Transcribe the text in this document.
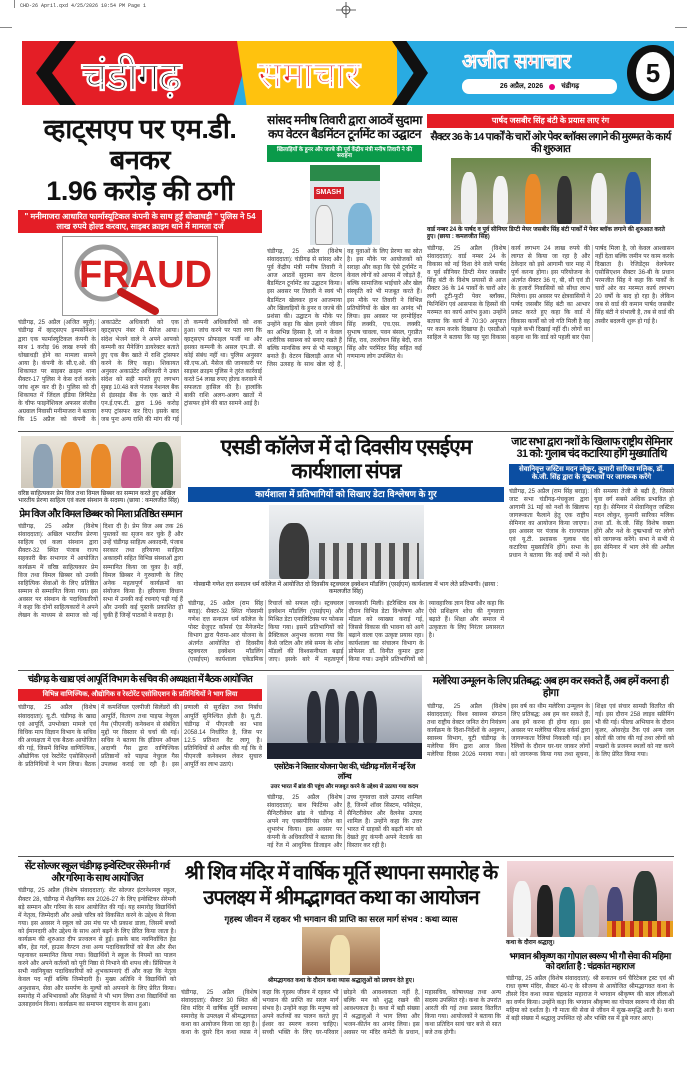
CHD-26 April.qxd 4/25/2026 10:54 PM Page 1
चंडीगढ़ समाचार	अजीत समाचार
26 अप्रैल, 2026	चंडीगढ़	5
व्हाट्सएप पर एम.डी. बनकर
1.96 करोड़ की ठगी
" मनीमाजरा आधारित फार्मास्यूटिकल कंपनी के साथ हुई धोखाधड़ी " पुलिस ने 54 लाख रुपये होल्ड करवाए, साइबर क्राइम थाने में मामला दर्ज
FRAUD
चंडीगढ़, 25 अप्रैल (अजित ब्यूरो): चंडीगढ़ में व्हाट्सएप इम्पर्सोनेशन द्वारा एक फार्मास्यूटिकल कंपनी के साथ 1 करोड़ 96 लाख रुपये की धोखाधड़ी होने का मामला सामने आया है। कंपनी के सी.ए.ओ. की शिकायत पर साइबर क्राइम थाना सैक्टर-17 पुलिस ने केस दर्ज करके जांच शुरू कर दी है। पुलिस को दी शिकायत में जिंदल इंडिया लिमिटेड के चीफ फाइनेंशियल अफसर संजीव अग्रवाल निवासी मनीमाजरा ने बताया कि 15 अप्रैल को कंपनी के अकाउंटेंट अधिकारी को एक व्हाट्सएप नंबर से मैसेज आया। संदेश भेजने वाले ने अपने आपको कम्पनी का मैनेजिंग डायरेक्टर बताते हुए एक बैंक खाते में राशि ट्रांसफर करने के लिए कहा। शिकायत अनुसार अकाउंटेंट अधिकारी ने उक्त संदेश को सही मानते हुए लगभग सुबह 10:48 बजे पंजाब नेशनल बैंक से इंडसइंड बैंक के एक खाते में एन.ई.एफ.टी. द्वारा 1.96 करोड़ रुपए ट्रांसफर कर दिए। इसके बाद जब पुनः अन्य राशि की मांग की गई तो कम्पनी अधिकारियों को शक हुआ। जांच करने पर पता लगा कि व्हाट्सएप प्रोफाइल फर्जी था और इसका कम्पनी के असल एम.डी. से कोई संबंध नहीं था। पुलिस अनुसार सी.एफ.ओ. मैसेज की जानकारी पर साइबर क्राइम पुलिस ने तुरंत कार्रवाई करते 54 लाख रुपए होल्ड करवाने में सफलता हासिल की है। हालांकि बाकी राशि अलग-अलग खातों में ट्रांसफर होने की बात सामने आई है।
सांसद मनीष तिवारी द्वारा आठवें सुदामा कप वेटरन बैडमिंटन टूर्नामेंट का उद्घाटन
खिलाड़ियों के हुनर और जज्बे की पूर्व केंद्रीय मंत्री मनीष तिवारी ने की सराहना
SMASH
चंडीगढ़, 25 अप्रैल (विशेष संवाददाता): चंडीगढ़ से सांसद और पूर्व केंद्रीय मंत्री मनीष तिवारी ने आज आठवें सुदामा कप वेटरन बैडमिंटन टूर्नामेंट का उद्घाटन किया। इस अवसर पर तिवारी ने स्वयं भी बैडमिंटन खेलकर हाथ आजमाया और खिलाड़ियों के हुनर व जज्बे की प्रशंसा की। उद्घाटन के मौके पर उन्होंने कहा कि खेल हमारे जीवन का अभिन्न हिस्सा है, जो न केवल शारीरिक स्वास्थ्य को बनाए रखते हैं बल्कि मानसिक रूप से भी मजबूत बनाते हैं। वेटरन खिलाड़ी आज भी जिस उत्साह के साथ खेल रहे हैं, वह युवाओं के लिए प्रेरणा का स्रोत है। इस मौके पर आयोजकों को सराहा और कहा कि ऐसे टूर्नामेंट न केवल लोगों को आपस में जोड़ते हैं, बल्कि सामाजिक भाईचारे और खेल संस्कृति को भी मजबूत करते हैं। इस मौके पर तिवारी ने विभिन्न प्रतियोगियों के खेल का आनंद भी लिया। इस अवसर पर हरमोहिंदर सिंह लक्की, एच.एस. लक्की, सुभाष चावला, पवन बंसल, गुरप्रीत सिंह, राव, तरलोचन सिंह बेदी, राज सिंह और परमिंदर सिंह सहित कई गणमान्य लोग उपस्थित थे।
पार्षद जसबीर सिंह बंटी के प्रयास लाए रंग
सैक्टर 36 के 14 पार्कों के चारों ओर पेवर ब्लॉक्स लगाने की मुरम्मत के कार्य की शुरुआत
वार्ड नम्बर 24 के पार्षद व पूर्व सीनियर डिप्टी मेयर जसबीर सिंह बंटी पार्कों में पेवर ब्लॉक लगाने की शुरुआत करते हुए। (छाया : कमलजीत सिंह)
चंडीगढ़, 25 अप्रैल (विशेष संवाददाता): वार्ड नम्बर 24 के विकास को नई दिशा देने वाले पार्षद व पूर्व सीनियर डिप्टी मेयर जसबीर सिंह बंटी के विशेष प्रयासों से आज सैक्टर 36 के 14 पार्कों के चारों ओर लगी टूटी-फूटी पेवर ब्लॉक्स, फिनिशिंग एवं आसपास के हिस्सों की मरम्मत का कार्य आरंभ हुआ। उन्होंने बताया कि कार्य में 70:30 अनुपात पर काम करके दिखाया है। एसडीओ साहिल ने बताया कि यह पूरा विकास कार्य लगभग 24 लाख रुपये की लागत से किया जा रहा है और ठेकेदार को इसे आगामी चार माह में पूर्ण करना होगा। इस परियोजना के अंतर्गत सैक्टर 36 ए, बी, सी एवं डी के हजारों निवासियों को सीधा लाभ मिलेगा। इस अवसर पर क्षेत्रवासियों ने पार्षद जसबीर सिंह बंटी का आभार प्रकट करते हुए कहा कि वार्ड में विकास कार्यों को जो गति मिली है वह पहले कभी दिखाई नहीं दी। लोगों का कहना था कि वार्ड को पहली बार ऐसा पार्षद मिला है, जो केवल आश्वासन नहीं देता बल्कि जमीन पर काम करके दिखाता है। रेजिडेंट्स वेलफेयर एसोसिएशन सैक्टर 36-बी के प्रधान परमजीत सिंह ने कहा कि पार्कों के चारों ओर का मरम्मत कार्य लगभग 20 वर्षों के बाद हो रहा है। लेकिन जब से वार्ड की कमान पार्षद जसबीर सिंह बंटी ने संभाली है, तब से वार्ड की तस्वीर बदलनी शुरू हो गई है।
वरिष्ठ साहित्यकार प्रेम विज तथा विमल छिब्बर का सम्मान करते हुए अखिल भारतीय प्रेरणा साहित्य एवं कला संस्थान के सदस्य। (छाया : कमलजीत सिंह)
प्रेम विज और विमल छिब्बर को मिला प्रतिष्ठित सम्मान
चंडीगढ़, 25 अप्रैल (विशेष संवाददाता): अखिल भारतीय प्रेरणा साहित्य एवं कला संस्थान द्वारा सैक्टर-32 स्थित पंजाब राज्य सहकारी बैंक सभागार में आयोजित कार्यक्रम में वरिष्ठ साहित्यकार प्रेम विज तथा विमल छिब्बर को उनकी साहित्यिक सेवाओं के लिए प्रतिष्ठित सम्मान से सम्मानित किया गया। इस अवसर पर संस्थान के पदाधिकारियों ने कहा कि दोनों साहित्यकारों ने अपने लेखन के माध्यम से समाज को नई दिशा दी है। प्रेम विज अब तक 26 पुस्तकों का सृजन कर चुके हैं और उन्हें चंडीगढ़ साहित्य अकादमी, पंजाब सरकार तथा हरियाणा साहित्य अकादमी सहित विभिन्न संस्थाओं द्वारा सम्मानित किया जा चुका है। वहीं, विमल छिब्बर ने गुरुवाणी के लिए अनेक महत्वपूर्ण कार्यक्रमों का संयोजन किया है। हरियाणा विधान सभा में उनकी कई रचनाएं पढ़ी गई हैं और उनकी कई पुस्तकें प्रकाशित हो चुकी हैं जिन्हें पाठकों ने सराहा है।
एसडी कॉलेज में दो दिवसीय एसईएम कार्यशाला संपन्न
कार्यशाला में प्रतिभागियों को सिखाए डेटा विश्लेषण के गुर
गोस्वामी गणेश दत्त सनातन धर्म कॉलेज में आयोजित दो दिवसीय स्ट्रक्चरल इक्वेशन मॉडलिंग (एसईएम) कार्यशाला में भाग लेते प्रतिभागी। (छाया : कमलजीत सिंह)
चंडीगढ़, 25 अप्रैल (राम सिंह बराड़): सैक्टर-32 स्थित गोस्वामी गणेश दत्त सनातन धर्म कॉलेज के पोस्ट ग्रेजुएट कॉमर्स एंड मैनेजमेंट विभाग द्वारा पैरामा-आर योजना के अंतर्गत आयोजित दो दिवसीय स्ट्रक्चरल इक्वेशन मॉडलिंग (एसईएम) कार्यशाला एकेडमिक रिचार्ज को सफल रही। स्ट्रक्चरल इक्वेशन मॉडलिंग (एसईएम) और मिश्रित डेटा एनालिटिक्स पर फोकस किया गया। इसमें प्रतिभागियों को प्रैक्टिकल अनुभव कराया गया कि कैसे जटिल और लंबे समय के शोध मॉडलों की विश्वसनीयता बढ़ाई जाए। इसके बारे में महत्वपूर्ण जानकारी मिली। इंटरैक्टिव सत्र के दौरान विभिन्न डेटा विश्लेषण और मॉडल को व्याख्या कराई गई, जिससे विकास की भावना को आगे बढ़ाने वाला एक उत्कृष्ट प्रयास रहा। कार्यशाला का संचालन विभाग के प्रोफेसर डॉ. विनीत कुमार द्वारा किया गया। उन्होंने प्रतिभागियों को व्यावहारिक ज्ञान दिया और कहा कि ऐसे प्रशिक्षण शोध की गुणवत्ता बढ़ाते हैं। शिक्षा और समाज में उत्कृष्टता के लिए निरंतर प्रयासरत है।
जाट सभा द्वारा नशों के खिलाफ राष्ट्रीय सेमिनार 31 को: गुलाब चंद कटारिया होंगे मुख्यातिथि
सेवानिवृत्त जस्टिस मदन लोकुर, कुमारी सारिका मलिक, डॉ. के.जी. सिंह द्वारा के दुष्प्रभावों पर जागरूक करेंगे
चंडीगढ़, 25 अप्रैल (राम सिंह बराड़): जाट सभा चंडीगढ़-पंचकूला द्वारा आगामी 31 मई को नशों के खिलाफ जागरूकता फैलाने हेतु एक राष्ट्रीय सेमिनार का आयोजन किया जाएगा। इस अवसर पर पंजाब के राज्यपाल एवं यू.टी. प्रशासक गुलाब चंद कटारिया मुख्यातिथि होंगे। सभा के प्रधान ने बताया कि कई वर्षों में नशे की समस्या तेजी से बढ़ी है, जिससे युवा वर्ग सबसे अधिक प्रभावित हो रहा है। सेमिनार में सेवानिवृत्त जस्टिस मदन लोकुर, कुमारी सारिका मलिक तथा डॉ. के.जी. सिंह विशेष वक्ता होंगे और नशे के दुष्प्रभावों पर लोगों को जागरूक करेंगे। सभा ने सभी से इस सेमिनार में भाग लेने की अपील की है।
चंडीगढ़ के खाद्य एवं आपूर्ति विभाग के सचिव की अध्यक्षता में बैठक आयोजित
विभिन्न वाणिज्यिक, औद्योगिक व रेस्टोरेंट एसोसिएशन के प्रतिनिधियों ने भाग लिया
चंडीगढ़, 25 अप्रैल (विशेष संवाददाता): यू.टी. चंडीगढ़ के खाद्य एवं आपूर्ति, उपभोक्ता मामले एवं विधिक माप विज्ञान विभाग के सचिव की अध्यक्षता में एक बैठक आयोजित की गई, जिसमें विभिन्न वाणिज्यिक, औद्योगिक एवं रेस्टोरेंट एसोसिएशनों के प्रतिनिधियों ने भाग लिया। बैठक में कमर्शियल एलपीजी सिलेंडरों की आपूर्ति, वितरण तथा पाइप्ड नेचुरल गैस (पीएनजी) कनेक्शन से संबंधित मुद्दों पर विस्तार से चर्चा की गई। सचिव ने बताया कि इंडियन ऑयल अदाणी गैस द्वारा वाणिज्यिक प्रतिष्ठानों को पाइप्ड नेचुरल गैस उपलब्ध कराई जा रही है। इस प्रणाली से सुरक्षित तथा निर्बाध आपूर्ति सुनिश्चित होती है। यू.टी. चंडीगढ़ में पीएनजी का भाव 2058.14 निर्धारित है, जिस पर 12.5 प्रतिशत वैट लागू है। प्रतिनिधियों से अपील की गई कि वे पीएनजी कनेक्शन लेकर सुचारु आपूर्ति का लाभ उठाएं।	एसोटेक ने विस्तार योजना पेश की, चंडीगढ़ मॉल में नई रेंज लॉन्च
उत्तर भारत में ब्रांड की पहुंच और मजबूत करने के उद्देश्य से उठाया गया कदम
चंडीगढ़, 25 अप्रैल (विशेष संवाददाता): बाथ फिटिंग्स और सैनिटरीवेयर ब्रांड ने चंडीगढ़ में अपने नए एक्सपीरियंस जोन का शुभारंभ किया। इस अवसर पर कंपनी के अधिकारियों ने बताया कि नई रेंज में आधुनिक डिजाइन और उच्च गुणवत्ता वाले उत्पाद शामिल हैं, जिनमें शॉवर सिस्टम, फॉसेट्स, सैनिटरीवेयर और वैलनेस उत्पाद शामिल हैं। उन्होंने कहा कि उत्तर भारत में ग्राहकों की बढ़ती मांग को देखते हुए कंपनी अपने नेटवर्क का विस्तार कर रही है।
मलेरिया उन्मूलन के लिए प्रतिबद्ध: अब हम कर सकते हैं, अब हमें करना ही होगा
चंडीगढ़, 25 अप्रैल (विशेष संवाददाता): विश्व स्वास्थ्य संगठन तथा राष्ट्रीय वेक्टर जनित रोग नियंत्रण कार्यक्रम के दिशा-निर्देशों के अनुरूप, स्वास्थ्य विभाग, यूटी चंडीगढ़ के मलेरिया विंग द्वारा आज विश्व मलेरिया दिवस 2026 मनाया गया। इस वर्ष का थीम मलेरिया उन्मूलन के लिए प्रतिबद्ध: अब हम कर सकते हैं, अब हमें करना ही होगा रहा। इस अवसर पर मलेरिया फील्ड वर्कर्स द्वारा जागरूकता रैलियां निकाली गईं। इन रैलियों के दौरान घर-घर जाकर लोगों को जागरूक किया गया तथा सूचना, शिक्षा एवं संचार सामग्री वितरित की गई। इस दौरान 258 लाइव स्क्रीनिंग भी की गई। फील्ड अभियान के दौरान कूलर, ओवरहेड टैंक एवं अन्य जल स्रोतों की जांच की गई तथा लोगों को मच्छरों के प्रजनन स्थलों को नष्ट करने के लिए प्रेरित किया गया।
सेंट सोल्जर स्कूल चंडीगढ़ इन्वेस्टिचर सेरेमनी गर्व और गरिमा के साथ आयोजित
चंडीगढ़, 25 अप्रैल (विशेष संवाददाता): सेंट सोल्जर इंटरनेशनल स्कूल, सैक्टर 28, चंडीगढ़ में शैक्षणिक सत्र 2026-27 के लिए इन्वेस्टिचर सेरेमनी बड़े सम्मान और गरिमा के साथ आयोजित की गई। यह समारोह विद्यार्थियों में नेतृत्व, जिम्मेदारी और अच्छे चरित्र को विकसित करने के उद्देश्य से किया गया। इस अवसर ने स्कूल को उस मंच पर भी प्रकाश डाला, जिसमें बच्चों को ईमानदारी और उद्देश्य के साथ आगे बढ़ने के लिए प्रेरित किया जाता है। कार्यक्रम की शुरुआत दीप प्रज्वलन से हुई। इसके बाद नवनिर्वाचित हेड बॉय, हेड गर्ल, हाउस कैप्टन तथा अन्य पदाधिकारियों को बैज और सैश पहनाकर सम्मानित किया गया। विद्यार्थियों ने स्कूल के नियमों का पालन करने और अपने कर्तव्यों को पूरी निष्ठा से निभाने की शपथ ली। प्रिंसिपल ने सभी नवनियुक्त पदाधिकारियों को शुभकामनाएं दीं और कहा कि नेतृत्व केवल पद नहीं बल्कि जिम्मेदारी है। मुख्य अतिथि ने विद्यार्थियों को अनुशासन, सेवा और समर्पण के मूल्यों को अपनाने के लिए प्रेरित किया। समारोह में अभिभावकों और शिक्षकों ने भी भाग लिया तथा विद्यार्थियों का उत्साहवर्धन किया। कार्यक्रम का समापन राष्ट्रगान के साथ हुआ।
श्री शिव मंदिर में वार्षिक मूर्ति स्थापना समारोह के उपलक्ष्य में श्रीमद्भागवत कथा का आयोजन
गृहस्थ जीवन में रहकर भी भगवान की प्राप्ति का सरल मार्ग संभव : कथा व्यास
श्रीमद्भागवत कथा के दौरान कथा व्यास श्रद्धालुओं को प्रवचन देते हुए।
चंडीगढ़, 25 अप्रैल (विशेष संवाददाता): सैक्टर 30 स्थित श्री शिव मंदिर में वार्षिक मूर्ति स्थापना समारोह के उपलक्ष्य में श्रीमद्भागवत कथा का आयोजन किया जा रहा है। कथा के दूसरे दिन कथा व्यास ने कहा कि गृहस्थ जीवन में रहकर भी भगवान की प्राप्ति का सरल मार्ग संभव है। उन्होंने कहा कि मनुष्य को अपने कर्तव्यों का पालन करते हुए ईश्वर का स्मरण करना चाहिए। सच्ची भक्ति के लिए घर-परिवार छोड़ने की आवश्यकता नहीं है, बल्कि मन को शुद्ध रखने की आवश्यकता है। कथा में बड़ी संख्या में श्रद्धालुओं ने भाग लिया और भजन-कीर्तन का आनंद लिया। इस अवसर पर मंदिर कमेटी के प्रधान, महासचिव, कोषाध्यक्ष तथा अन्य सदस्य उपस्थित रहे। कथा के उपरांत आरती की गई तथा प्रसाद वितरित किया गया। आयोजकों ने बताया कि कथा प्रतिदिन सायं चार बजे से सात बजे तक होगी।
कथा के दौरान श्रद्धालु।
भगवान श्रीकृष्ण का गोपाल स्वरूप भी गौ सेवा की महिमा को दर्शाता है : चंद्रकांत महाराज
चंडीगढ़, 25 अप्रैल (विशेष संवाददाता): श्री सनातन धर्म चैरिटेबल ट्रस्ट एवं श्री राधा कृष्ण मंदिर, सैक्टर 40-ए के सौजन्य से आयोजित श्रीमद्भागवत कथा के तीसरे दिन कथा व्यास चंद्रकांत महाराज ने भगवान श्रीकृष्ण की बाल लीलाओं का वर्णन किया। उन्होंने कहा कि भगवान श्रीकृष्ण का गोपाल स्वरूप गौ सेवा की महिमा को दर्शाता है। गौ माता की सेवा से जीवन में सुख-समृद्धि आती है। कथा में बड़ी संख्या में श्रद्धालु उपस्थित रहे और भक्ति रस में डूबे नजर आए।
